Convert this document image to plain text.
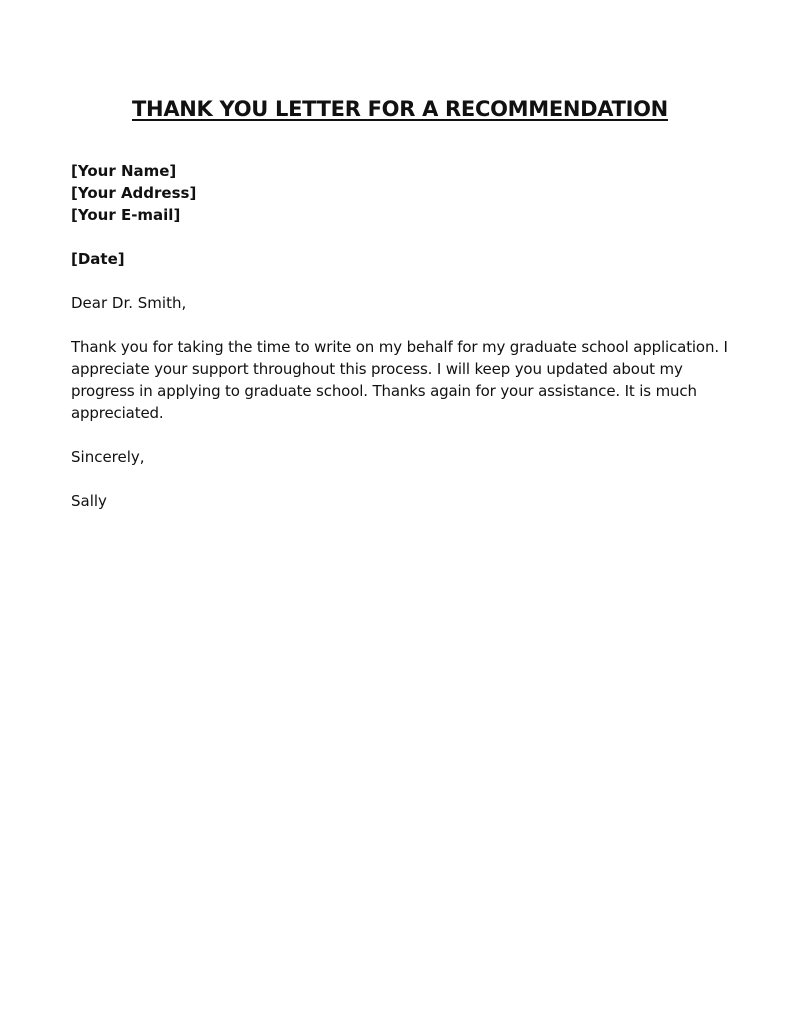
THANK YOU LETTER FOR A RECOMMENDATION
[Your Name]
[Your Address]
[Your E-mail]
[Date]

Dear Dr. Smith,

Thank you for taking the time to write on my behalf for my graduate school application. I appreciate your support throughout this process. I will keep you updated about my progress in applying to graduate school. Thanks again for your assistance. It is much appreciated.

Sincerely,

Sally
